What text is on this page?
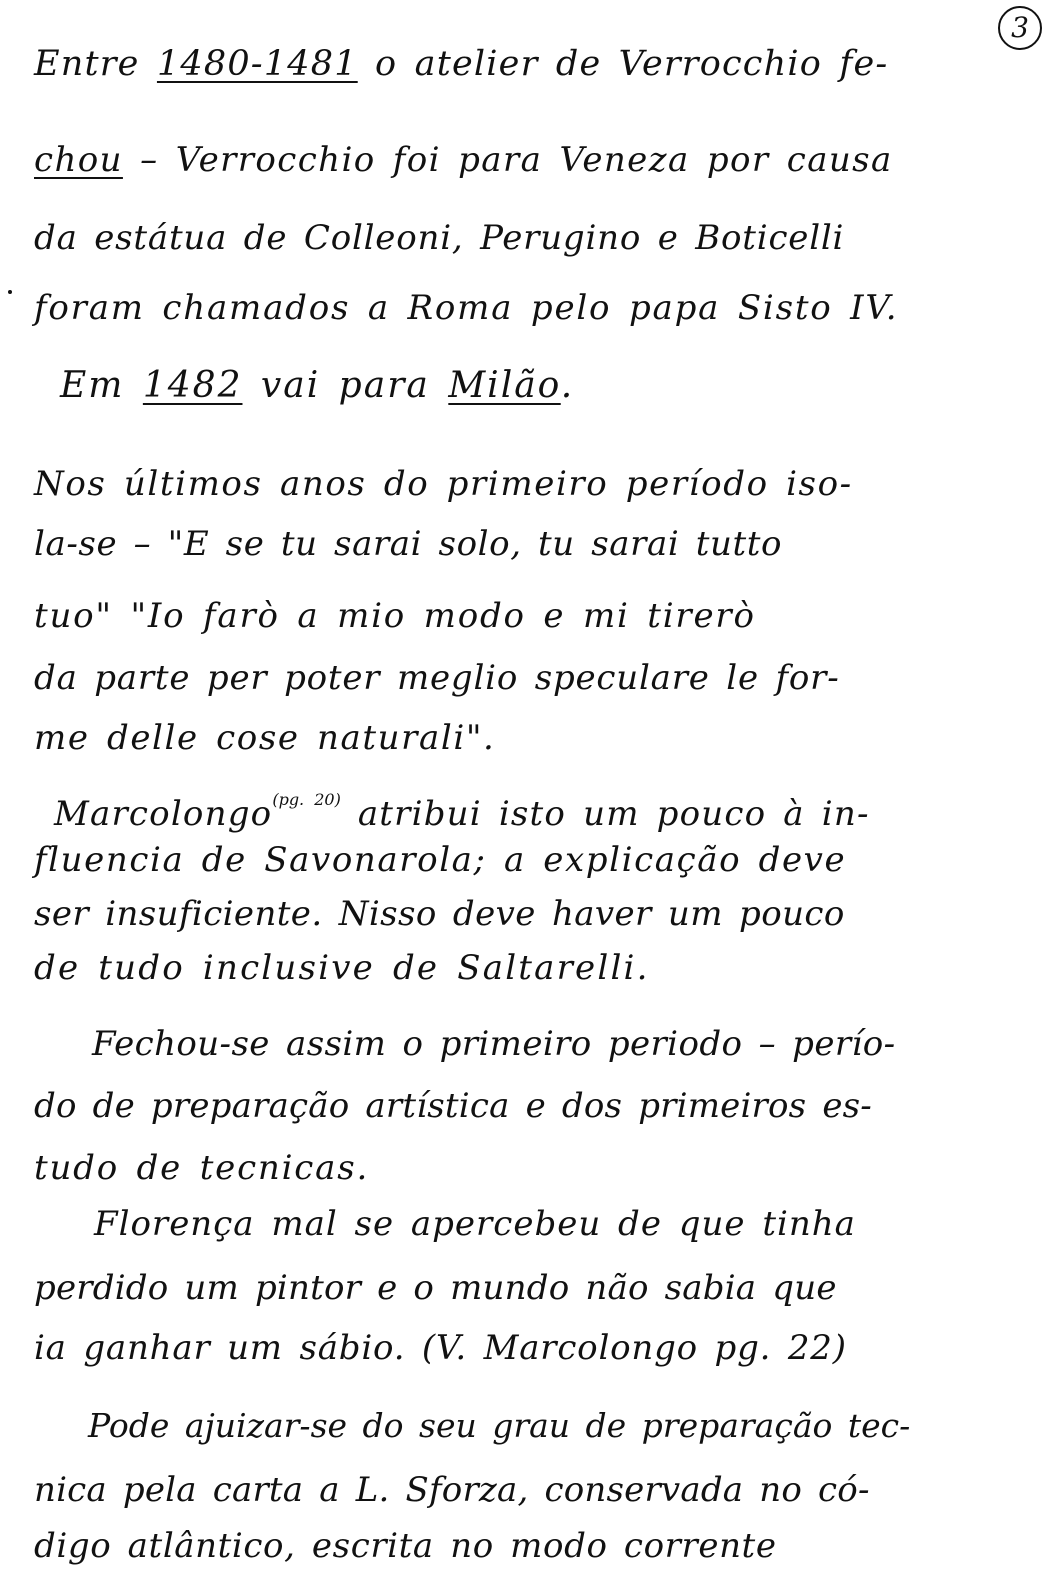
3
Entre 1480-1481 o atelier de Verrocchio fe-
chou – Verrocchio foi para Veneza por causa
da estátua de Colleoni, Perugino e Boticelli
foram chamados a Roma pelo papa Sisto IV.
Em 1482 vai para Milão.
Nos últimos anos do primeiro período iso-
la-se – "E se tu sarai solo, tu sarai tutto
tuo" "Io farò a mio modo e mi tirerò
da parte per poter meglio speculare le for-
me delle cose naturali".
Marcolongo$^{(pg. 20)}$ atribui isto um pouco à in-
fluencia de Savonarola; a explicação deve
ser insuficiente. Nisso deve haver um pouco
de tudo inclusive de Saltarelli.
Fechou-se assim o primeiro periodo – perío-
do de preparação artística e dos primeiros es-
tudo de tecnicas.
Florença mal se apercebeu de que tinha
perdido um pintor e o mundo não sabia que
ia ganhar um sábio. (V. Marcolongo pg. 22)
Pode ajuizar-se do seu grau de preparação tec-
nica pela carta a L. Sforza, conservada no có-
digo atlântico, escrita no modo corrente
